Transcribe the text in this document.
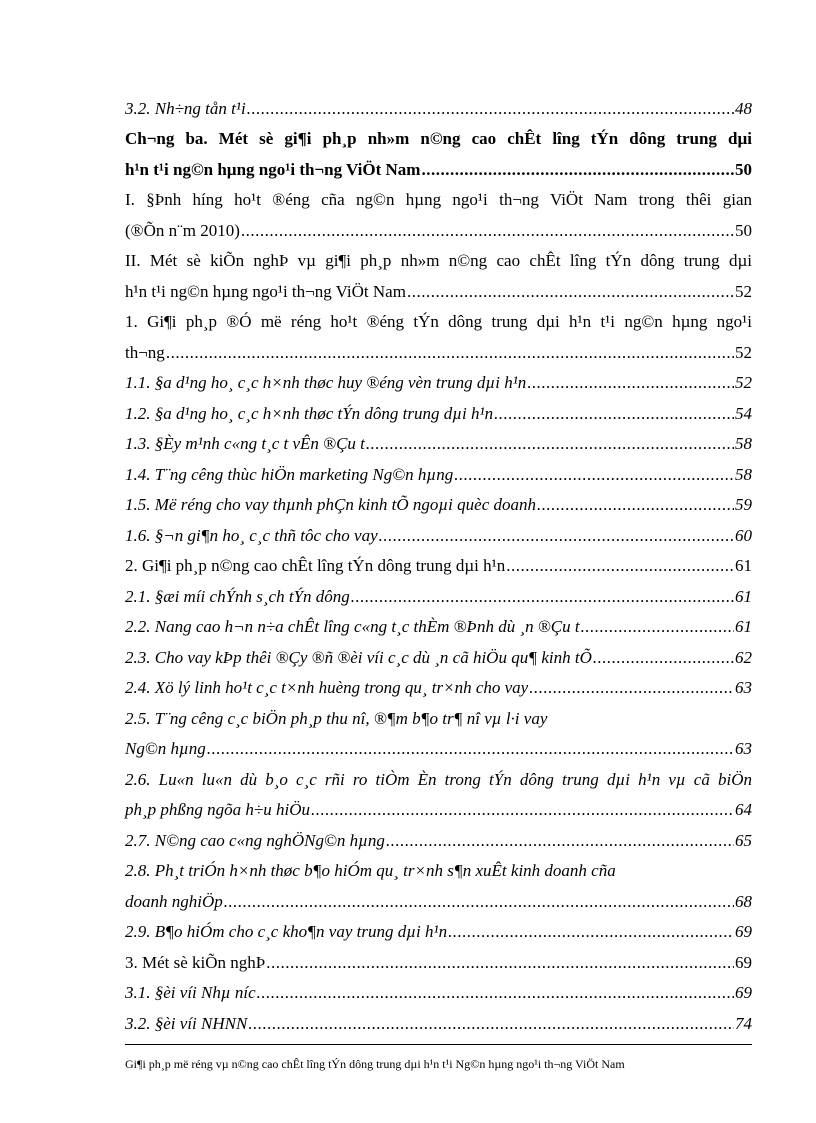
3.2. Nh÷ng tån t¹i .....	48
Ch¬ng ba. Mét sè gi¶i ph¸p nh»m n©ng cao chÊt lîng tÝn dông trung dµi
h¹n t¹i ng©n hµng ngo¹i th¬ng ViÖt Nam .....	50
I. §Þnh híng ho¹t ®éng cña ng©n hµng ngo¹i th¬ng ViÖt Nam trong thêi gian
(®Õn n¨m 2010) .....	50
II. Mét sè kiÕn nghÞ vµ gi¶i ph¸p nh»m n©ng cao chÊt lîng tÝn dông trung dµi
h¹n t¹i ng©n hµng ngo¹i th¬ng ViÖt Nam .....	52
1. Gi¶i ph¸p ®Ó më réng ho¹t ®éng tÝn dông trung dµi h¹n t¹i ng©n hµng ngo¹i
th¬ng .....	52
1.1. §a d¹ng ho¸ c¸c h×nh thøc huy ®éng vèn trung dµi h¹n .....	52
1.2. §a d¹ng ho¸ c¸c h×nh thøc tÝn dông trung dµi h¹n .....	54
1.3. §Èy m¹nh c«ng t¸c t vÊn ®Çu t .....	58
1.4. T¨ng cêng thùc hiÖn marketing Ng©n hµng .....	58
1.5. Më réng cho vay thµnh phÇn kinh tÕ ngoµi quèc doanh .....	59
1.6. §¬n gi¶n ho¸ c¸c thñ tôc cho vay .....	60
2. Gi¶i ph¸p n©ng cao chÊt lîng tÝn dông trung dµi h¹n .....	61
2.1. §æi míi chÝnh s¸ch tÝn dông .....	61
2.2. Nang cao h¬n n÷a chÊt lîng c«ng t¸c thÈm ®Þnh dù ¸n ®Çu t .....	61
2.3. Cho vay kÞp thêi ®Çy ®ñ ®èi víi c¸c dù ¸n cã hiÖu qu¶ kinh tÕ .....	62
2.4. Xö lý linh ho¹t c¸c t×nh huèng trong qu¸ tr×nh cho vay .....	63
2.5. T¨ng cêng c¸c biÖn ph¸p thu nî, ®¶m b¶o tr¶ nî vµ l·i vay
Ng©n hµng .....	63
2.6. Lu«n lu«n dù b¸o c¸c rñi ro tiÒm Èn trong tÝn dông trung dµi h¹n vµ cã biÖn
ph¸p phßng ngõa h÷u hiÖu .....	64
2.7. N©ng cao c«ng nghÖNg©n hµng .....	65
2.8. Ph¸t triÓn h×nh thøc b¶o hiÓm qu¸ tr×nh s¶n xuÊt kinh doanh cña
doanh nghiÖp .....	68
2.9. B¶o hiÓm cho c¸c kho¶n vay trung dµi h¹n .....	69
3. Mét sè kiÕn nghÞ .....	69
3.1. §èi víi Nhµ níc .....	69
3.2. §èi víi NHNN .....	74
Gi¶i ph¸p më réng vµ n©ng cao chÊt lîng tÝn dông trung dµi h¹n t¹i Ng©n hµng ngo¹i th¬ng ViÖt Nam
